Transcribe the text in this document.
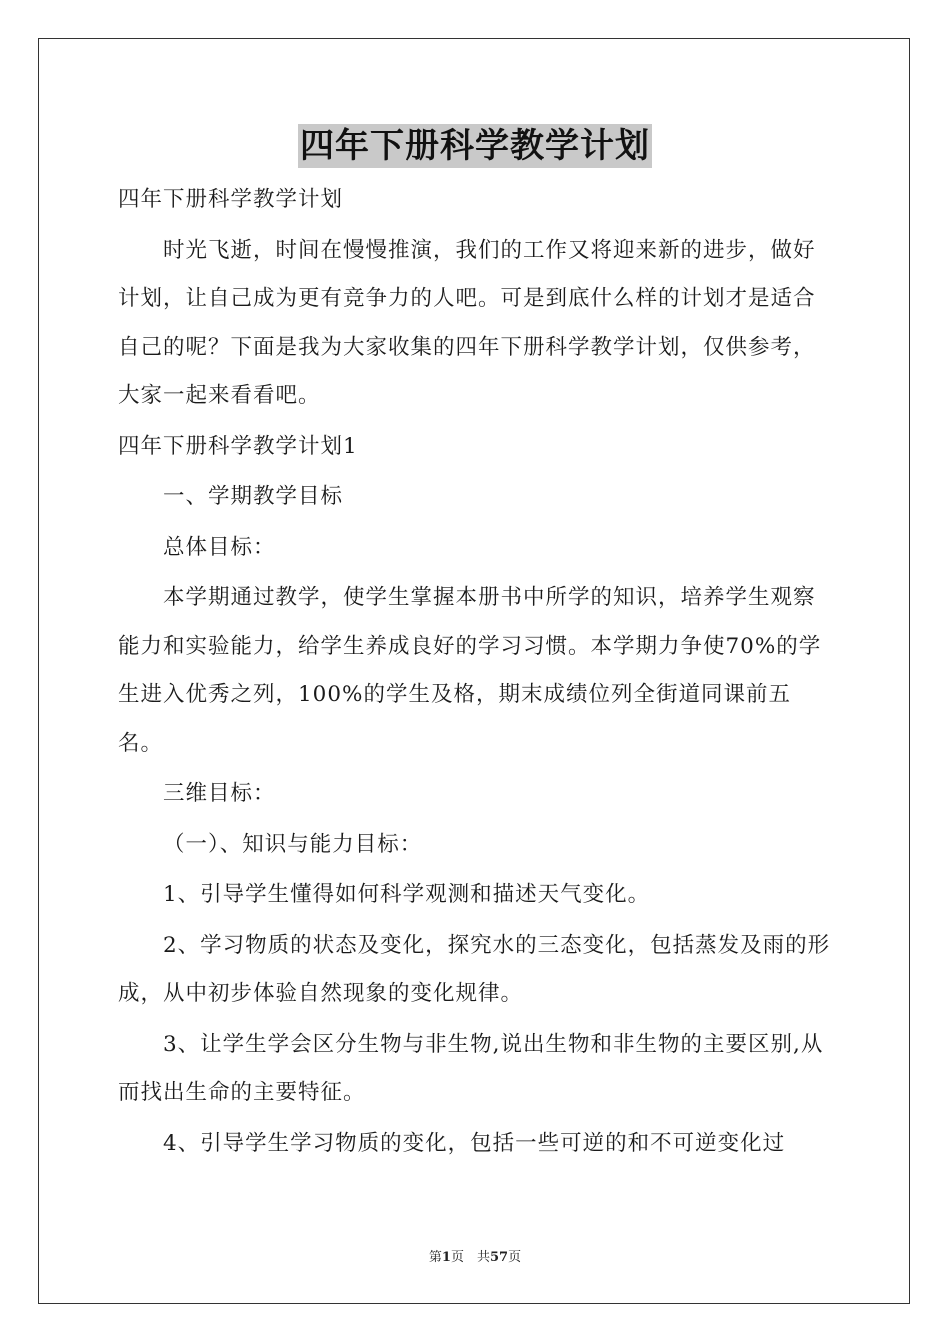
四年下册科学教学计划

四年下册科学教学计划

时光飞逝，时间在慢慢推演，我们的工作又将迎来新的进步，做好计划，让自己成为更有竞争力的人吧。可是到底什么样的计划才是适合自己的呢？下面是我为大家收集的四年下册科学教学计划，仅供参考，大家一起来看看吧。

四年下册科学教学计划1

一、学期教学目标

总体目标：

本学期通过教学，使学生掌握本册书中所学的知识，培养学生观察能力和实验能力，给学生养成良好的学习习惯。本学期力争使70%的学生进入优秀之列，100%的学生及格，期末成绩位列全街道同课前五名。

三维目标：

（一）、知识与能力目标：

1、引导学生懂得如何科学观测和描述天气变化。

2、学习物质的状态及变化，探究水的三态变化，包括蒸发及雨的形成，从中初步体验自然现象的变化规律。

3、让学生学会区分生物与非生物,说出生物和非生物的主要区别,从而找出生命的主要特征。

4、引导学生学习物质的变化，包括一些可逆的和不可逆变化过

第1页　共57页
